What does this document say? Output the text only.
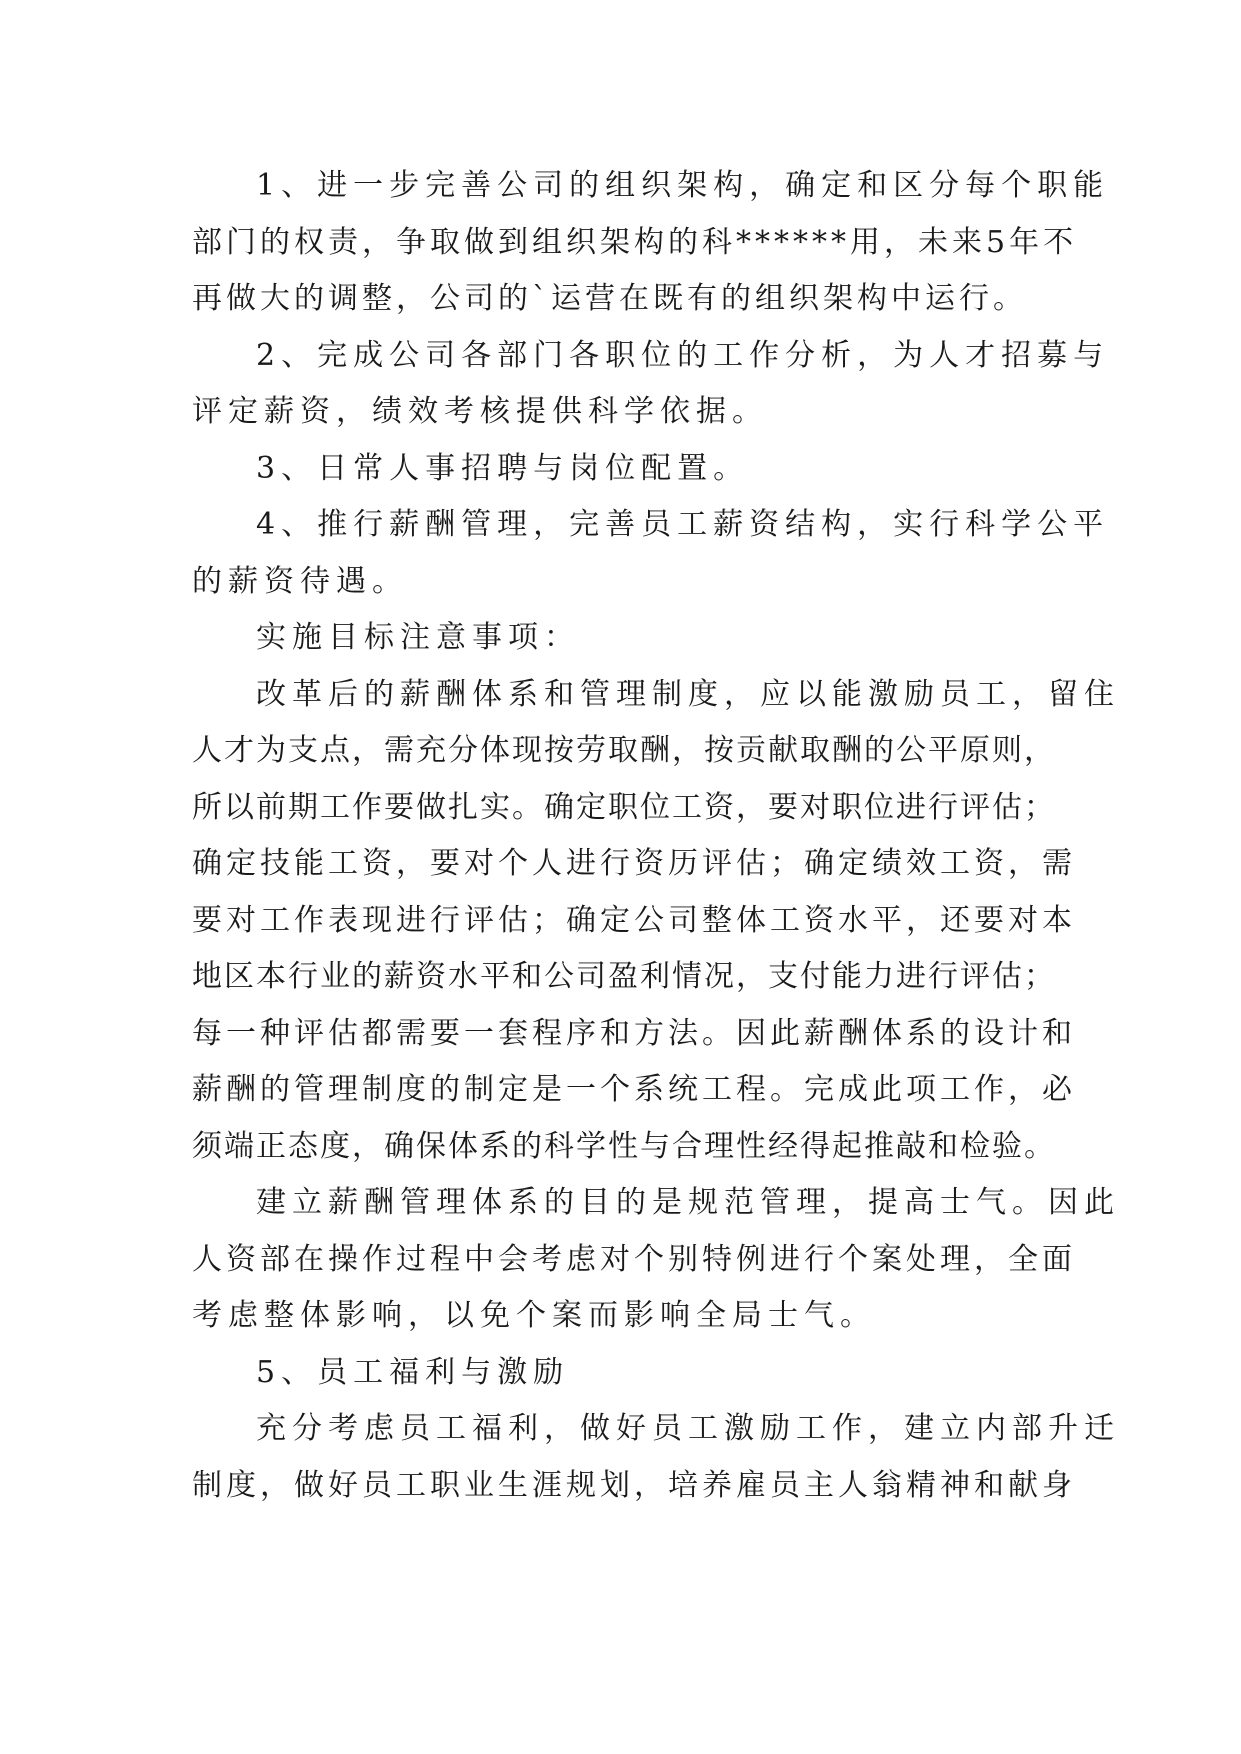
1、进一步完善公司的组织架构，确定和区分每个职能
部门的权责，争取做到组织架构的科******用，未来5年不
再做大的调整，公司的`运营在既有的组织架构中运行。

2、完成公司各部门各职位的工作分析，为人才招募与
评定薪资，绩效考核提供科学依据。

3、日常人事招聘与岗位配置。

4、推行薪酬管理，完善员工薪资结构，实行科学公平
的薪资待遇。

实施目标注意事项：

改革后的薪酬体系和管理制度，应以能激励员工，留住
人才为支点，需充分体现按劳取酬，按贡献取酬的公平原则，
所以前期工作要做扎实。确定职位工资，要对职位进行评估；
确定技能工资，要对个人进行资历评估；确定绩效工资，需
要对工作表现进行评估；确定公司整体工资水平，还要对本
地区本行业的薪资水平和公司盈利情况，支付能力进行评估；
每一种评估都需要一套程序和方法。因此薪酬体系的设计和
薪酬的管理制度的制定是一个系统工程。完成此项工作，必
须端正态度，确保体系的科学性与合理性经得起推敲和检验。

建立薪酬管理体系的目的是规范管理，提高士气。因此
人资部在操作过程中会考虑对个别特例进行个案处理，全面
考虑整体影响，以免个案而影响全局士气。

5、员工福利与激励

充分考虑员工福利，做好员工激励工作，建立内部升迁
制度，做好员工职业生涯规划，培养雇员主人翁精神和献身
